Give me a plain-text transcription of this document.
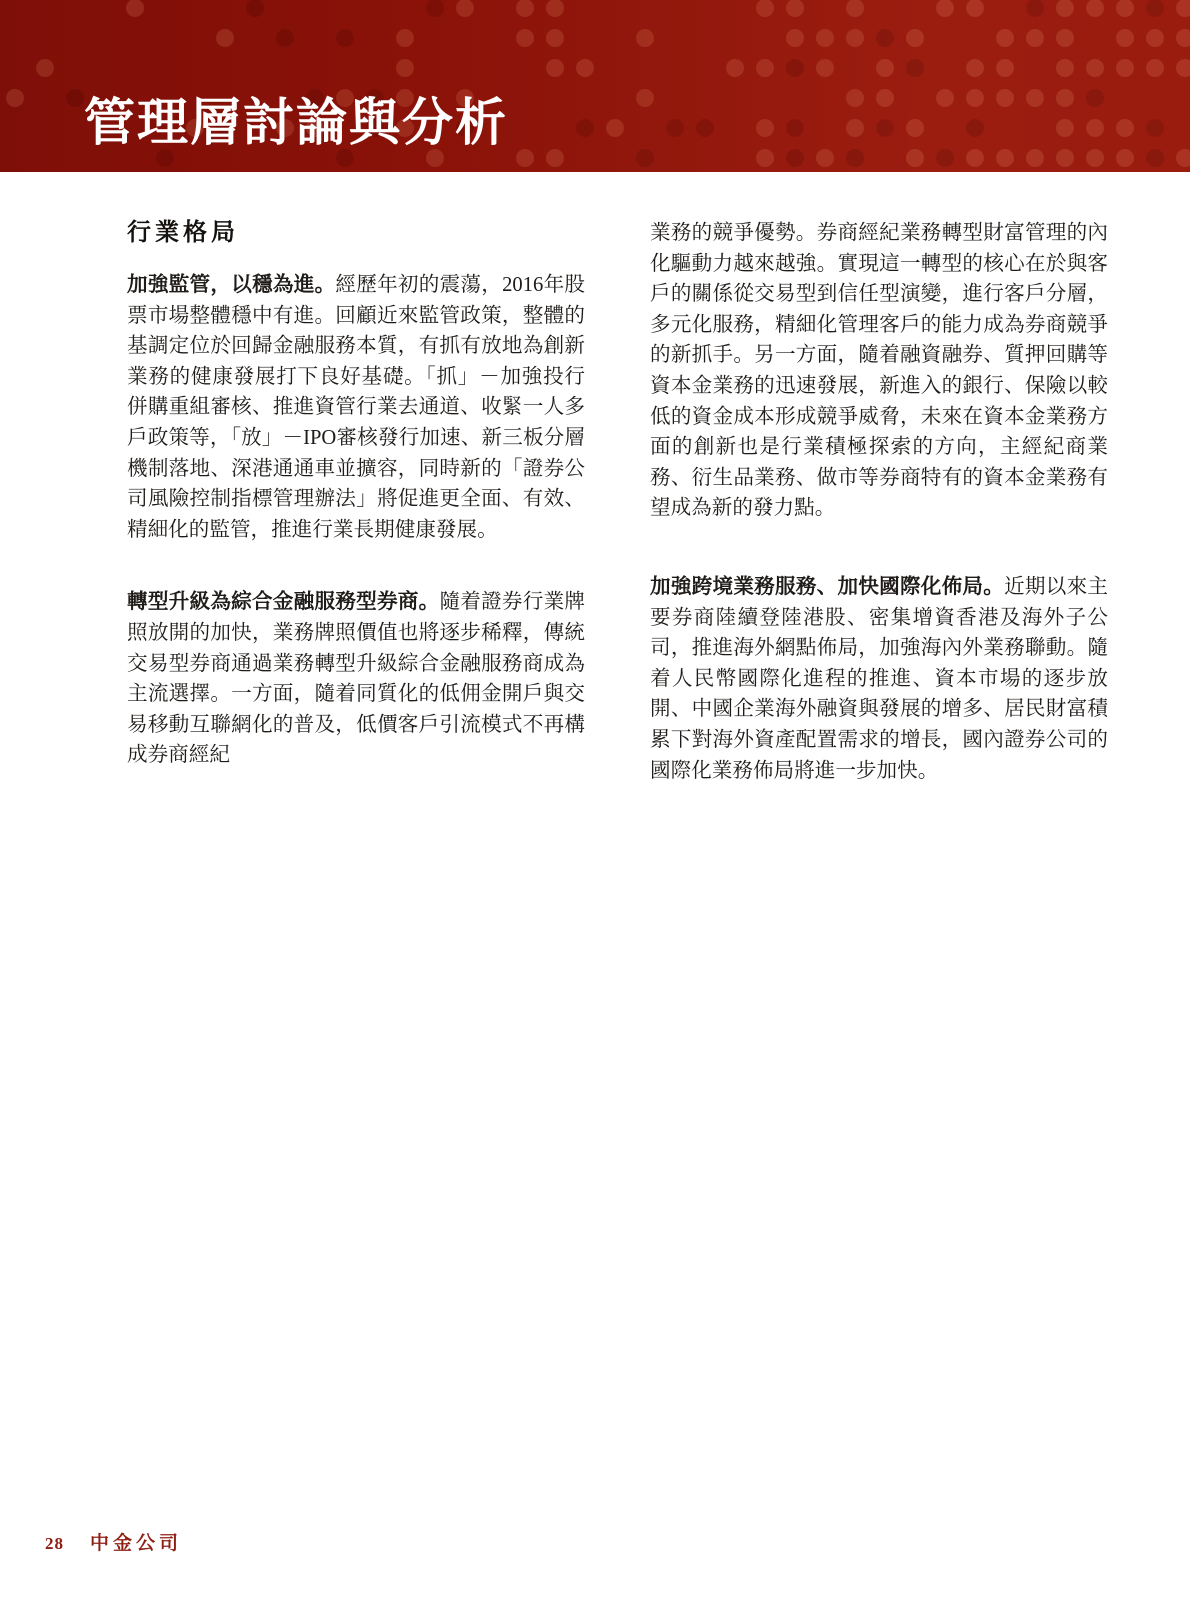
管理層討論與分析
行業格局

加強監管，以穩為進。經歷年初的震蕩，2016年股票市場整體穩中有進。回顧近來監管政策，整體的基調定位於回歸金融服務本質，有抓有放地為創新業務的健康發展打下良好基礎。「抓」－加強投行併購重組審核、推進資管行業去通道、收緊一人多戶政策等，「放」－IPO審核發行加速、新三板分層機制落地、深港通通車並擴容，同時新的「證券公司風險控制指標管理辦法」將促進更全面、有效、精細化的監管，推進行業長期健康發展。

轉型升級為綜合金融服務型券商。隨着證券行業牌照放開的加快，業務牌照價值也將逐步稀釋，傳統交易型券商通過業務轉型升級綜合金融服務商成為主流選擇。一方面，隨着同質化的低佣金開戶與交易移動互聯網化的普及，低價客戶引流模式不再構成券商經紀

業務的競爭優勢。券商經紀業務轉型財富管理的內化驅動力越來越強。實現這一轉型的核心在於與客戶的關係從交易型到信任型演變，進行客戶分層，多元化服務，精細化管理客戶的能力成為券商競爭的新抓手。另一方面，隨着融資融券、質押回購等資本金業務的迅速發展，新進入的銀行、保險以較低的資金成本形成競爭威脅，未來在資本金業務方面的創新也是行業積極探索的方向，主經紀商業務、衍生品業務、做市等券商特有的資本金業務有望成為新的發力點。

加強跨境業務服務、加快國際化佈局。近期以來主要券商陸續登陸港股、密集增資香港及海外子公司，推進海外網點佈局，加強海內外業務聯動。隨着人民幣國際化進程的推進、資本市場的逐步放開、中國企業海外融資與發展的增多、居民財富積累下對海外資產配置需求的增長，國內證券公司的國際化業務佈局將進一步加快。

28 中金公司
